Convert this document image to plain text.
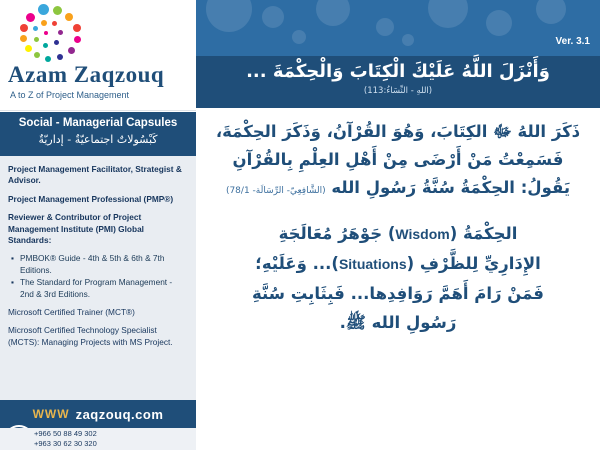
Azam Zaqzouq
A to Z of Project Management
Social - Managerial Capsules
كَبْسُولاتٌ اجتماعيّةٌ - إداريّةٌ

Project Management Facilitator, Strategist & Advisor.

Project Management Professional (PMP®)

Reviewer & Contributor of Project Management Institute (PMI) Global Standards:

▪ PMBOK® Guide - 4th & 5th & 6th & 7th Editions.
▪ The Standard for Program Management - 2nd & 3rd Editions.

Microsoft Certified Trainer (MCT®)

Microsoft Certified Technology Specialist (MCTS): Managing Projects with MS Project.

WWW zaqzouq.com
+966 50 88 49 302
+963 30 62 30 320
Ver. 3.1
وَأَنْزَلَ اللَّهُ عَلَيْكَ الْكِتَابَ وَالْحِكْمَةَ ...
(اللهِ - النِّسَاءُ:113)
ذَكَرَ اللهُ ﷻ الكِتَابَ، وَهُوَ القُرْآنُ، وَذَكَرَ الحِكْمَةَ، فَسَمِعْتُ مَنْ أَرْضَى مِنْ أَهْلِ العِلْمِ بِالقُرْآنِ يَقُولُ: الحِكْمَةُ سُنَّةُ رَسُولِ الله (الشَّافِعِيّ- الرِّسَالَة- 78/1)
الحِكْمَةُ (Wisdom) جَوْهَرُ مُعَالَجَةِ
الإِدَارِيِّ لِلظَّرْفِ (Situations)... وَعَلَيْهِ؛
فَمَنْ رَامَ أَهَمَّ رَوَافِدِها... فَبِثَابِتِ سُنَّةِ
رَسُولِ الله ﷺ.
